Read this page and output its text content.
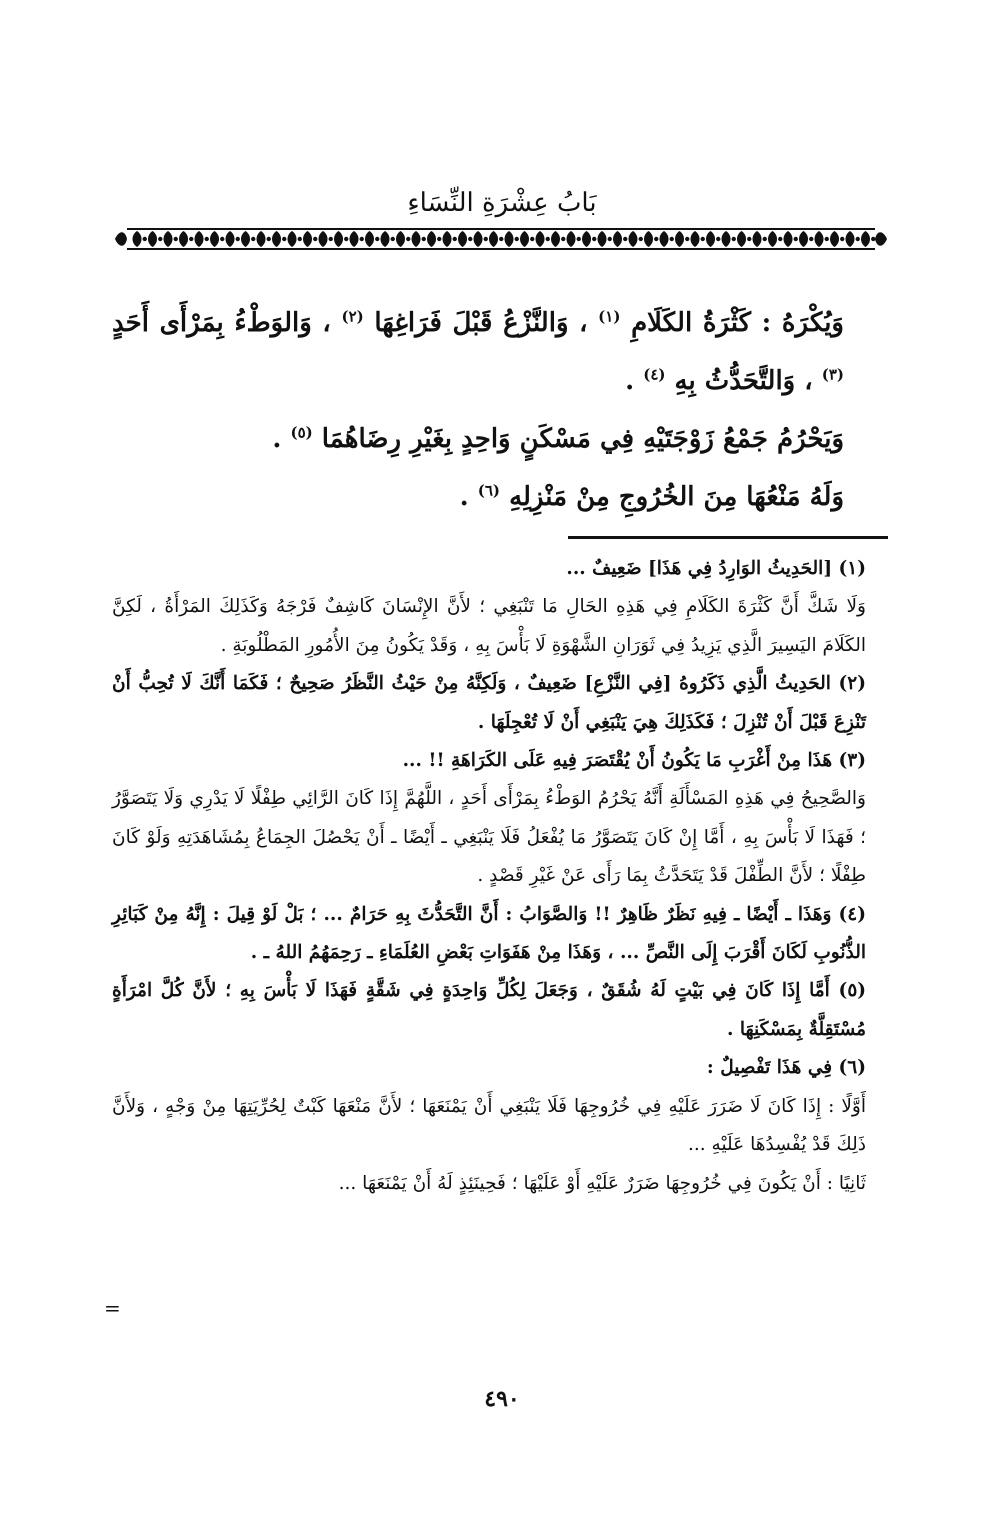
بَابُ عِشْرَةِ النِّسَاءِ

وَيُكْرَهُ : كَثْرَةُ الكَلَامِ $^{(١)}$ ، وَالنَّزْعُ قَبْلَ فَرَاغِهَا $^{(٢)}$ ، وَالوَطْءُ بِمَرْأَى أَحَدٍ $^{(٣)}$ ، وَالتَّحَدُّثُ بِهِ $^{(٤)}$ .

وَيَحْرُمُ جَمْعُ زَوْجَتَيْهِ فِي مَسْكَنٍ وَاحِدٍ بِغَيْرِ رِضَاهُمَا $^{(٥)}$ .

وَلَهُ مَنْعُهَا مِنَ الخُرُوجِ مِنْ مَنْزِلِهِ $^{(٦)}$ .

(١) [الحَدِيثُ الوَارِدُ فِي هَذَا] ضَعِيفٌ ...

وَلَا شَكَّ أَنَّ كَثْرَةَ الكَلَامِ فِي هَذِهِ الحَالِ مَا تَنْبَغِي ؛ لأَنَّ الإِنْسَانَ كَاشِفٌ فَرْجَهُ وَكَذَلِكَ المَرْأَةُ ، لَكِنَّ الكَلَامَ اليَسِيرَ الَّذِي يَزِيدُ فِي ثَوَرَانِ الشَّهْوَةِ لَا بَأْسَ بِهِ ، وَقَدْ يَكُونُ مِنَ الأُمُورِ المَطْلُوبَةِ .

(٢) الحَدِيثُ الَّذِي ذَكَرُوهُ [فِي النَّزْعِ] ضَعِيفٌ ، وَلَكِنَّهُ مِنْ حَيْثُ النَّظَرُ صَحِيحٌ ؛ فَكَمَا أَنَّكَ لَا تُحِبُّ أَنْ تَنْزِعَ قَبْلَ أَنْ تُنْزِلَ ؛ فَكَذَلِكَ هِيَ يَنْبَغِي أَنْ لَا تُعْجِلَهَا .

(٣) هَذَا مِنْ أَغْرَبِ مَا يَكُونُ أَنْ يُقْتَصَرَ فِيهِ عَلَى الكَرَاهَةِ !! ...

وَالصَّحِيحُ فِي هَذِهِ المَسْأَلَةِ أَنَّهُ يَحْرُمُ الوَطْءُ بِمَرْأَى أَحَدٍ ، اللَّهُمَّ إِذَا كَانَ الرَّائِي طِفْلًا لَا يَدْرِي وَلَا يَتَصَوَّرُ ؛ فَهَذَا لَا بَأْسَ بِهِ ، أَمَّا إِنْ كَانَ يَتَصَوَّرُ مَا يُفْعَلُ فَلَا يَنْبَغِي ـ أَيْضًا ـ أَنْ يَحْصُلَ الجِمَاعُ بِمُشَاهَدَتِهِ وَلَوْ كَانَ طِفْلًا ؛ لأَنَّ الطِّفْلَ قَدْ يَتَحَدَّثُ بِمَا رَأَى عَنْ غَيْرِ قَصْدٍ .

(٤) وَهَذَا ـ أَيْضًا ـ فِيهِ نَظَرٌ ظَاهِرٌ !! وَالصَّوَابُ : أَنَّ التَّحَدُّثَ بِهِ حَرَامٌ ... ؛ بَلْ لَوْ قِيلَ : إِنَّهُ مِنْ كَبَائِرِ الذُّنُوبِ لَكَانَ أَقْرَبَ إِلَى النَّصِّ ... ، وَهَذَا مِنْ هَفَوَاتِ بَعْضِ العُلَمَاءِ ـ رَحِمَهُمُ اللهُ ـ .

(٥) أَمَّا إِذَا كَانَ فِي بَيْتٍ لَهُ شُقَقٌ ، وَجَعَلَ لِكُلِّ وَاحِدَةٍ فِي شَقَّةٍ فَهَذَا لَا بَأْسَ بِهِ ؛ لأَنَّ كُلَّ امْرَأَةٍ مُسْتَقِلَّةٌ بِمَسْكَنِهَا .

(٦) فِي هَذَا تَفْصِيلٌ :

أَوَّلًا : إِذَا كَانَ لَا ضَرَرَ عَلَيْهِ فِي خُرُوجِهَا فَلَا يَنْبَغِي أَنْ يَمْنَعَهَا ؛ لأَنَّ مَنْعَهَا كَبْتٌ لِحُرِّيَتِهَا مِنْ وَجْهٍ ، وَلأَنَّ ذَلِكَ قَدْ يُفْسِدُهَا عَلَيْهِ ...

ثَانِيًا : أَنْ يَكُونَ فِي خُرُوجِهَا ضَرَرٌ عَلَيْهِ أَوْ عَلَيْهَا ؛ فَحِينَئِذٍ لَهُ أَنْ يَمْنَعَهَا ...

=
٤٩٠
